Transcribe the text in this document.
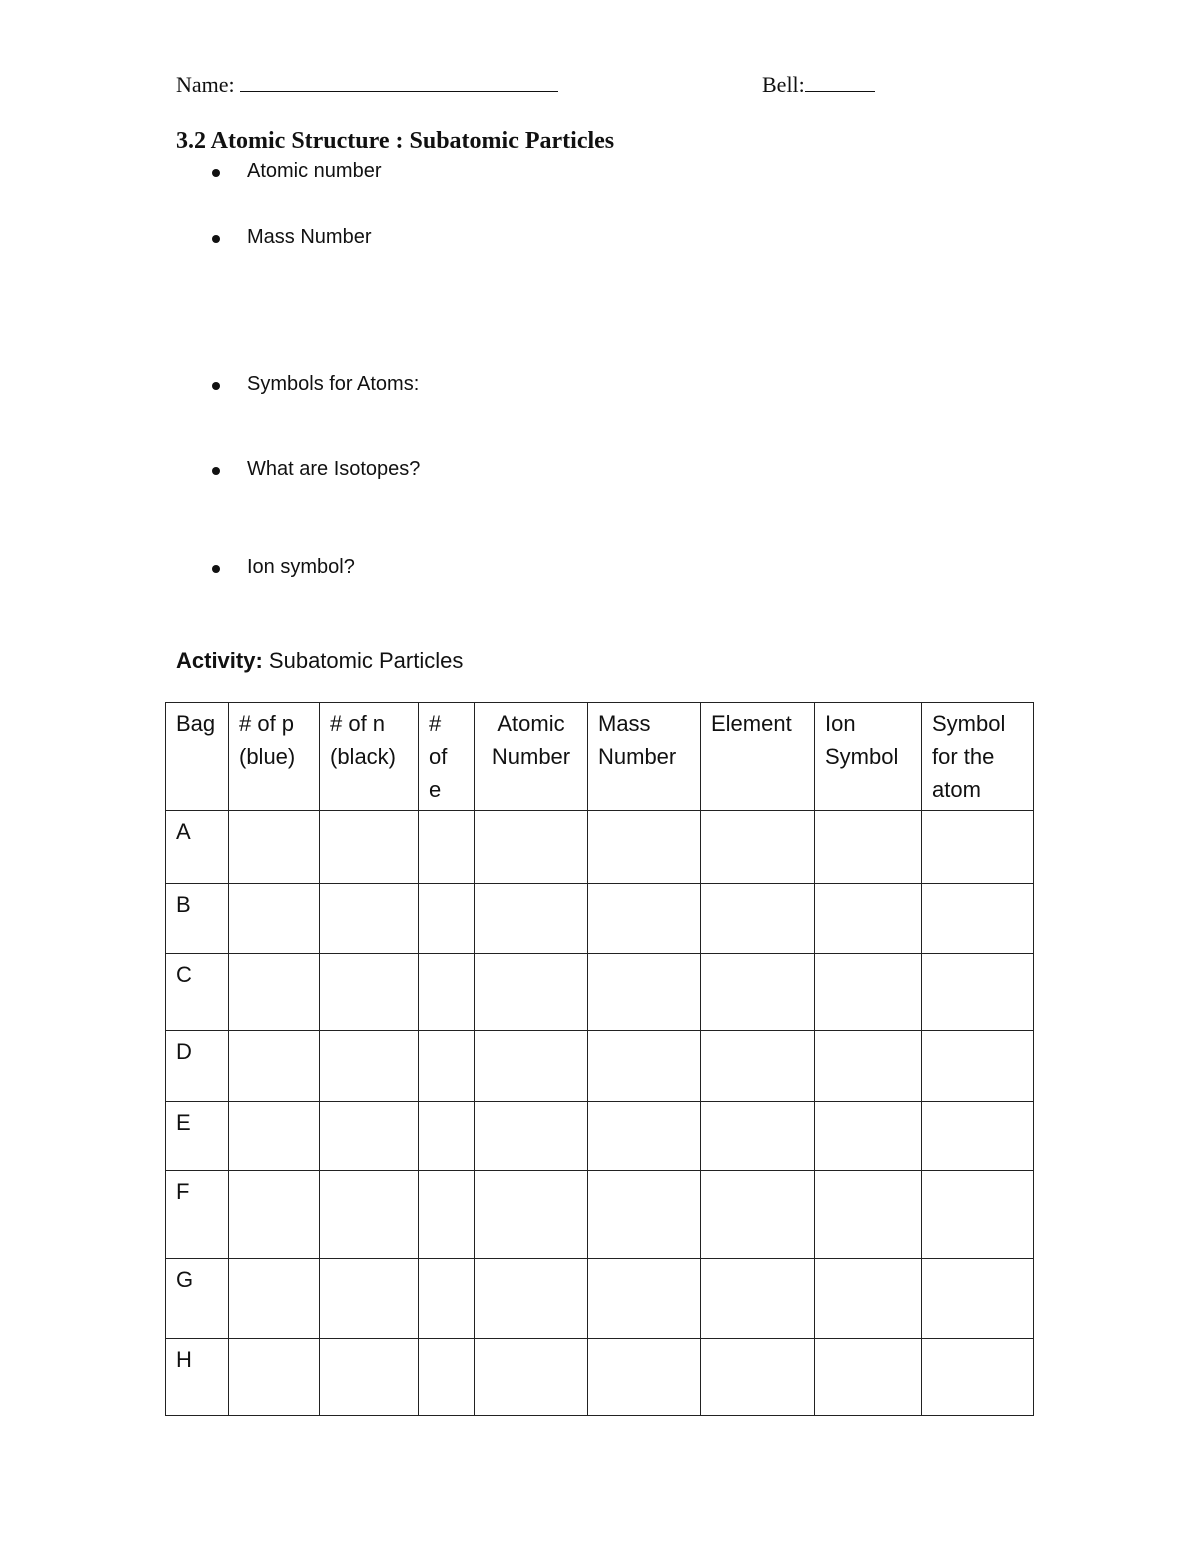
Name:	Bell:
3.2 Atomic Structure : Subatomic Particles
Atomic number
Mass Number
Symbols for Atoms:
What are Isotopes?
Ion symbol?
Activity: Subatomic Particles
Bag	# of p (blue)	# of n (black)	# of e	Atomic Number	Mass Number	Element	Ion Symbol	Symbol for the atom
A								
B								
C								
D								
E								
F								
G								
H								
